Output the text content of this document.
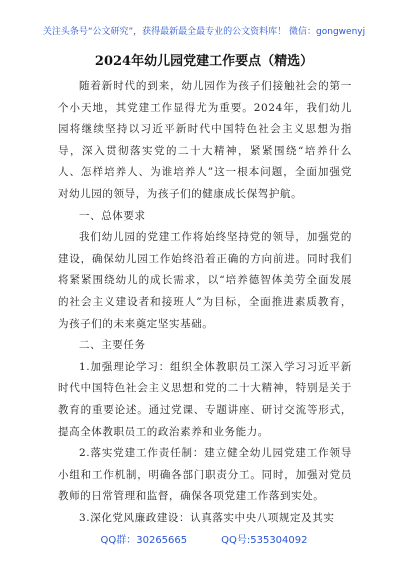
关注头条号“公文研究”，获得最新最全最专业的公文资料库！ 微信：gongwenyj
2024年幼儿园党建工作要点（精选）

随着新时代的到来，幼儿园作为孩子们接触社会的第一个小天地，其党建工作显得尤为重要。2024年，我们幼儿园将继续坚持以习近平新时代中国特色社会主义思想为指导，深入贯彻落实党的二十大精神，紧紧围绕“培养什么人、怎样培养人、为谁培养人”这一根本问题，全面加强党对幼儿园的领导，为孩子们的健康成长保驾护航。

一、总体要求

我们幼儿园的党建工作将始终坚持党的领导，加强党的建设，确保幼儿园工作始终沿着正确的方向前进。同时我们将紧紧围绕幼儿的成长需求，以“培养德智体美劳全面发展的社会主义建设者和接班人”为目标，全面推进素质教育，为孩子们的未来奠定坚实基础。

二、主要任务

1.加强理论学习：组织全体教职员工深入学习习近平新时代中国特色社会主义思想和党的二十大精神，特别是关于教育的重要论述。通过党课、专题讲座、研讨交流等形式，提高全体教职员工的政治素养和业务能力。

2.落实党建工作责任制：建立健全幼儿园党建工作领导小组和工作机制，明确各部门职责分工。同时，加强对党员教师的日常管理和监督，确保各项党建工作落到实处。

3.深化党风廉政建设：认真落实中央八项规定及其实

QQ群：30265665	QQ号:535304092
